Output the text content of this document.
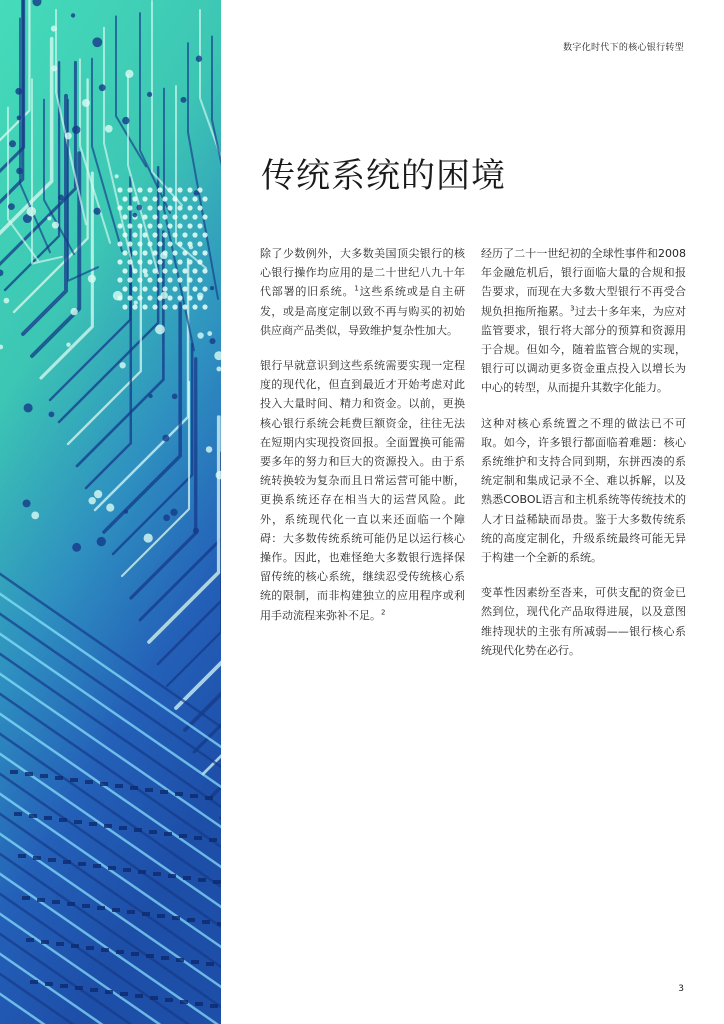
数字化时代下的核心银行转型
传统系统的困境

除了少数例外，大多数美国顶尖银行的核心银行操作均应用的是二十世纪八九十年代部署的旧系统。$^1$这些系统或是自主研发，或是高度定制以致不再与购买的初始供应商产品类似，导致维护复杂性加大。

银行早就意识到这些系统需要实现一定程度的现代化，但直到最近才开始考虑对此投入大量时间、精力和资金。以前，更换核心银行系统会耗费巨额资金，往往无法在短期内实现投资回报。全面置换可能需要多年的努力和巨大的资源投入。由于系统转换较为复杂而且日常运营可能中断，更换系统还存在相当大的运营风险。此外，系统现代化一直以来还面临一个障碍：大多数传统系统可能仍足以运行核心操作。因此，也难怪绝大多数银行选择保留传统的核心系统，继续忍受传统核心系统的限制，而非构建独立的应用程序或利用手动流程来弥补不足。$^2$

经历了二十一世纪初的全球性事件和2008年金融危机后，银行面临大量的合规和报告要求，而现在大多数大型银行不再受合规负担拖所拖累。$^3$过去十多年来，为应对监管要求，银行将大部分的预算和资源用于合规。但如今，随着监管合规的实现，银行可以调动更多资金重点投入以增长为中心的转型，从而提升其数字化能力。

这种对核心系统置之不理的做法已不可取。如今，许多银行都面临着难题：核心系统维护和支持合同到期，东拼西凑的系统定制和集成记录不全、难以拆解，以及熟悉COBOL语言和主机系统等传统技术的人才日益稀缺而昂贵。鉴于大多数传统系统的高度定制化，升级系统最终可能无异于构建一个全新的系统。

变革性因素纷至沓来，可供支配的资金已然到位，现代化产品取得进展，以及意图维持现状的主张有所减弱——银行核心系统现代化势在必行。

3
